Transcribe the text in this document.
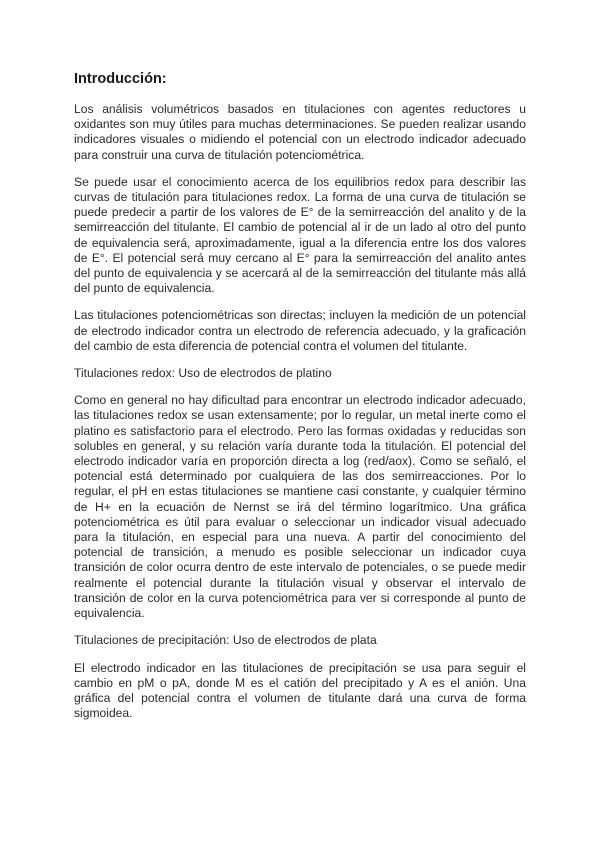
Introducción:

Los análisis volumétricos basados en titulaciones con agentes reductores u oxidantes son muy útiles para muchas determinaciones. Se pueden realizar usando indicadores visuales o midiendo el potencial con un electrodo indicador adecuado para construir una curva de titulación potenciométrica.

Se puede usar el conocimiento acerca de los equilibrios redox para describir las curvas de titulación para titulaciones redox. La forma de una curva de titulación se puede predecir a partir de los valores de E° de la semirreacción del analito y de la semirreacción del titulante. El cambio de potencial al ir de un lado al otro del punto de equivalencia será, aproximadamente, igual a la diferencia entre los dos valores de E°. El potencial será muy cercano al E° para la semirreacción del analito antes del punto de equivalencia y se acercará al de la semirreacción del titulante más allá del punto de equivalencia.

Las titulaciones potenciométricas son directas; incluyen la medición de un potencial de electrodo indicador contra un electrodo de referencia adecuado, y la graficación del cambio de esta diferencia de potencial contra el volumen del titulante.

Titulaciones redox: Uso de electrodos de platino

Como en general no hay dificultad para encontrar un electrodo indicador adecuado, las titulaciones redox se usan extensamente; por lo regular, un metal inerte como el platino es satisfactorio para el electrodo. Pero las formas oxidadas y reducidas son solubles en general, y su relación varía durante toda la titulación. El potencial del electrodo indicador varía en proporción directa a log (red/aox). Como se señaló, el potencial está determinado por cualquiera de las dos semirreacciones. Por lo regular, el pH en estas titulaciones se mantiene casi constante, y cualquier término de H+ en la ecuación de Nernst se irá del término logarítmico. Una gráfica potenciométrica es útil para evaluar o seleccionar un indicador visual adecuado para la titulación, en especial para una nueva. A partir del conocimiento del potencial de transición, a menudo es posible seleccionar un indicador cuya transición de color ocurra dentro de este intervalo de potenciales, o se puede medir realmente el potencial durante la titulación visual y observar el intervalo de transición de color en la curva potenciométrica para ver si corresponde al punto de equivalencia.

Titulaciones de precipitación: Uso de electrodos de plata

El electrodo indicador en las titulaciones de precipitación se usa para seguir el cambio en pM o pA, donde M es el catión del precipitado y A es el anión. Una gráfica del potencial contra el volumen de titulante dará una curva de forma sigmoidea.
